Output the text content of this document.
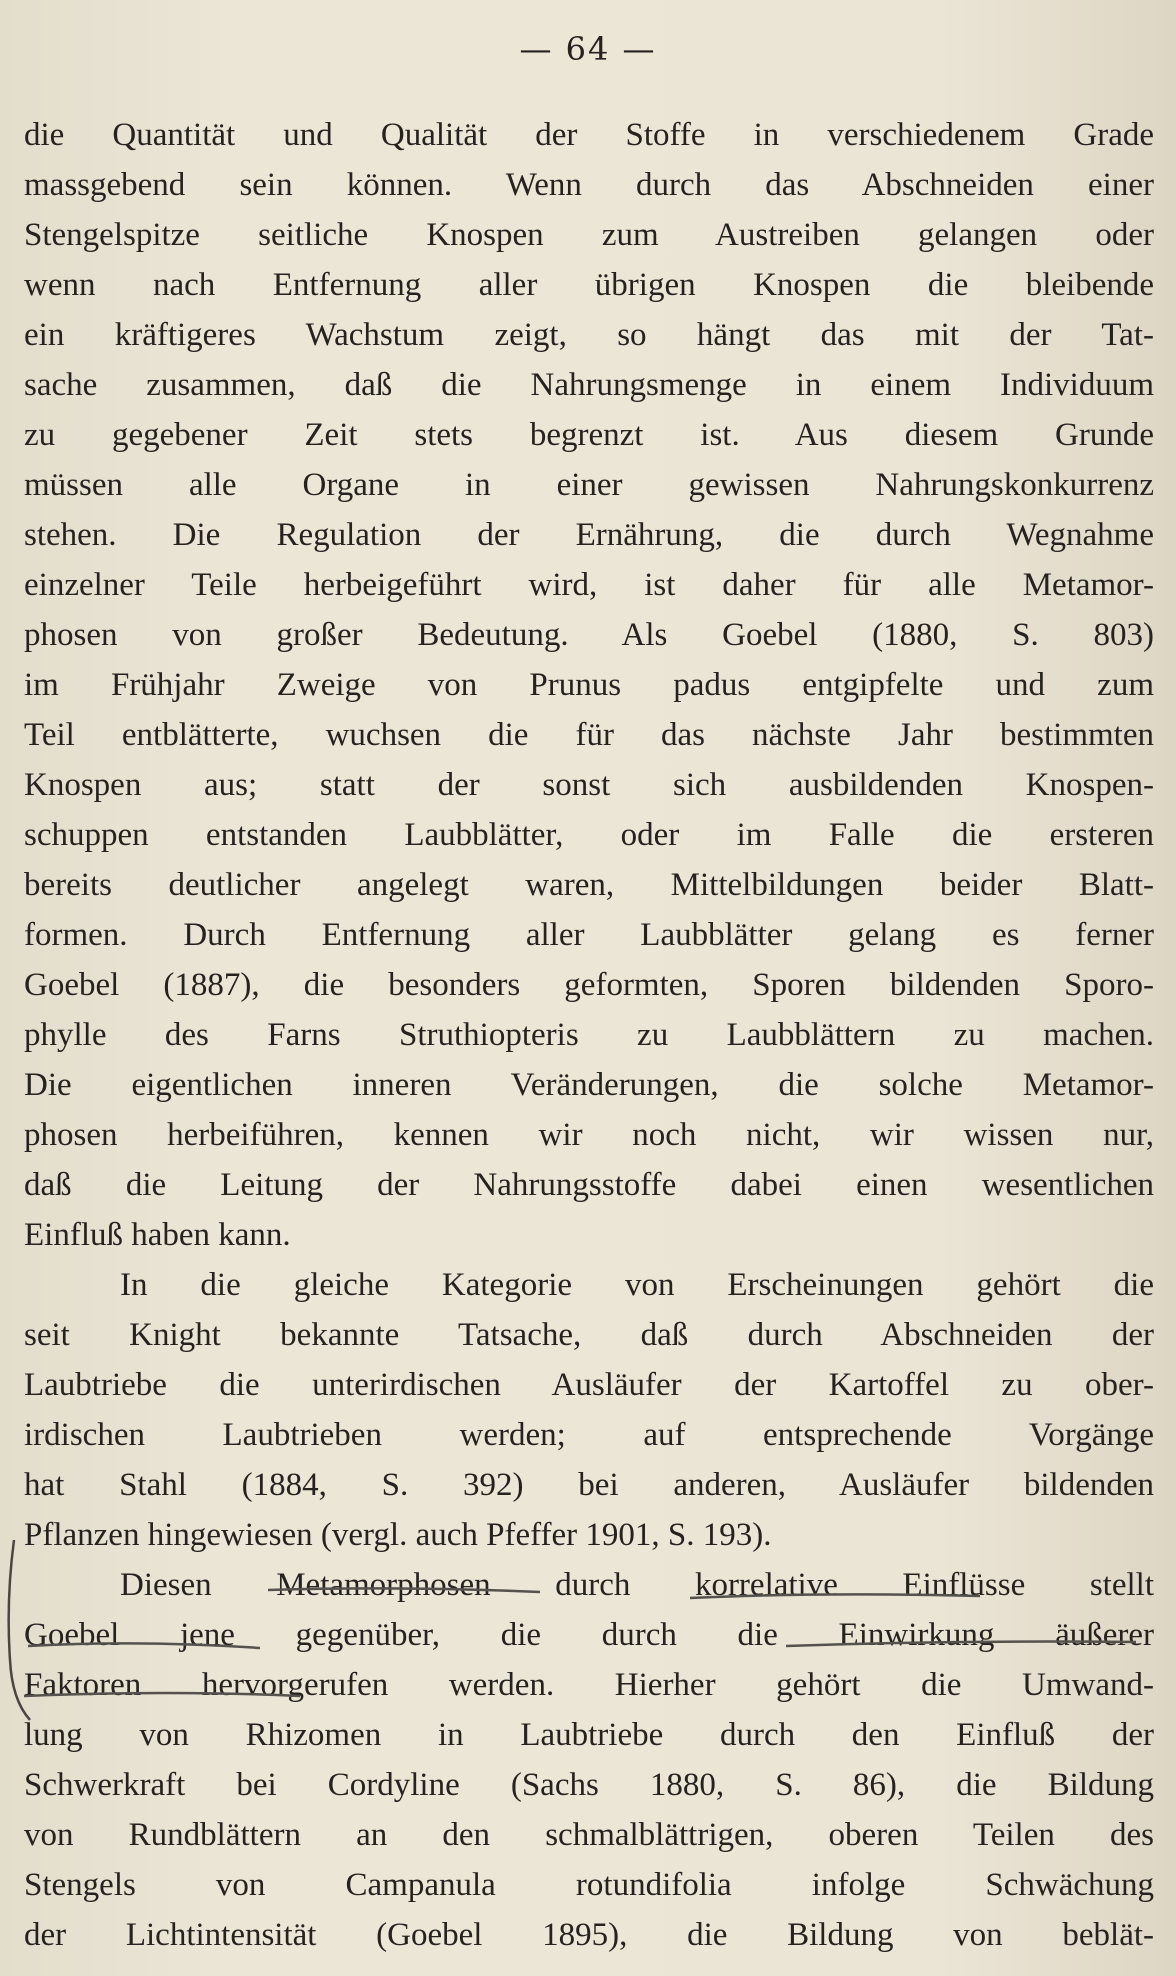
— 64 —
die Quantität und Qualität der Stoffe in verschiedenem Grade
massgebend sein können. Wenn durch das Abschneiden einer
Stengelspitze seitliche Knospen zum Austreiben gelangen oder
wenn nach Entfernung aller übrigen Knospen die bleibende
ein kräftigeres Wachstum zeigt, so hängt das mit der Tat-
sache zusammen, daß die Nahrungsmenge in einem Individuum
zu gegebener Zeit stets begrenzt ist. Aus diesem Grunde
müssen alle Organe in einer gewissen Nahrungskonkurrenz
stehen. Die Regulation der Ernährung, die durch Wegnahme
einzelner Teile herbeigeführt wird, ist daher für alle Metamor-
phosen von großer Bedeutung. Als Goebel (1880, S. 803)
im Frühjahr Zweige von Prunus padus entgipfelte und zum
Teil entblätterte, wuchsen die für das nächste Jahr bestimmten
Knospen aus; statt der sonst sich ausbildenden Knospen-
schuppen entstanden Laubblätter, oder im Falle die ersteren
bereits deutlicher angelegt waren, Mittelbildungen beider Blatt-
formen. Durch Entfernung aller Laubblätter gelang es ferner
Goebel (1887), die besonders geformten, Sporen bildenden Sporo-
phylle des Farns Struthiopteris zu Laubblättern zu machen.
Die eigentlichen inneren Veränderungen, die solche Metamor-
phosen herbeiführen, kennen wir noch nicht, wir wissen nur,
daß die Leitung der Nahrungsstoffe dabei einen wesentlichen
Einfluß haben kann.
In die gleiche Kategorie von Erscheinungen gehört die
seit Knight bekannte Tatsache, daß durch Abschneiden der
Laubtriebe die unterirdischen Ausläufer der Kartoffel zu ober-
irdischen Laubtrieben werden; auf entsprechende Vorgänge
hat Stahl (1884, S. 392) bei anderen, Ausläufer bildenden
Pflanzen hingewiesen (vergl. auch Pfeffer 1901, S. 193).
Diesen Metamorphosen durch korrelative Einflüsse stellt
Goebel jene gegenüber, die durch die Einwirkung äußerer
Faktoren hervorgerufen werden. Hierher gehört die Umwand-
lung von Rhizomen in Laubtriebe durch den Einfluß der
Schwerkraft bei Cordyline (Sachs 1880, S. 86), die Bildung
von Rundblättern an den schmalblättrigen, oberen Teilen des
Stengels von Campanula rotundifolia infolge Schwächung
der Lichtintensität (Goebel 1895), die Bildung von beblät-
